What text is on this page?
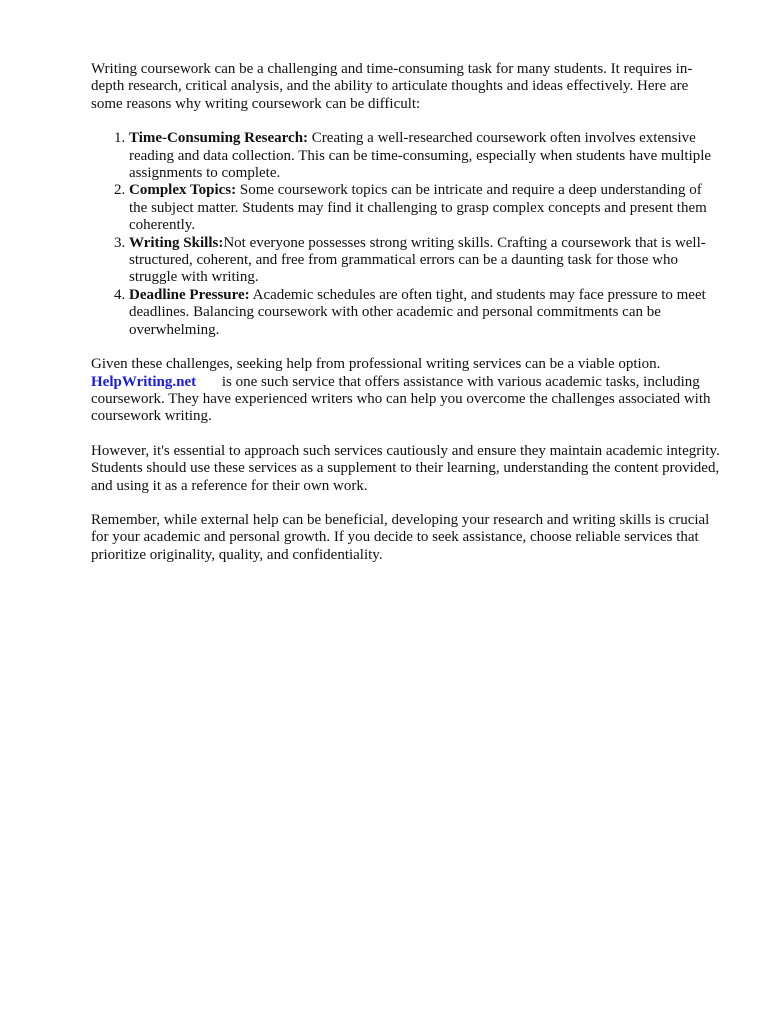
Writing coursework can be a challenging and time-consuming task for many students. It requires in-depth research, critical analysis, and the ability to articulate thoughts and ideas effectively. Here are some reasons why writing coursework can be difficult:

1. Time-Consuming Research: Creating a well-researched coursework often involves extensive reading and data collection. This can be time-consuming, especially when students have multiple assignments to complete.
2. Complex Topics: Some coursework topics can be intricate and require a deep understanding of the subject matter. Students may find it challenging to grasp complex concepts and present them coherently.
3. Writing Skills:Not everyone possesses strong writing skills. Crafting a coursework that is well-structured, coherent, and free from grammatical errors can be a daunting task for those who struggle with writing.
4. Deadline Pressure: Academic schedules are often tight, and students may face pressure to meet deadlines. Balancing coursework with other academic and personal commitments can be overwhelming.

Given these challenges, seeking help from professional writing services can be a viable option. HelpWriting.net is one such service that offers assistance with various academic tasks, including coursework. They have experienced writers who can help you overcome the challenges associated with coursework writing.

However, it's essential to approach such services cautiously and ensure they maintain academic integrity. Students should use these services as a supplement to their learning, understanding the content provided, and using it as a reference for their own work.

Remember, while external help can be beneficial, developing your research and writing skills is crucial for your academic and personal growth. If you decide to seek assistance, choose reliable services that prioritize originality, quality, and confidentiality.
